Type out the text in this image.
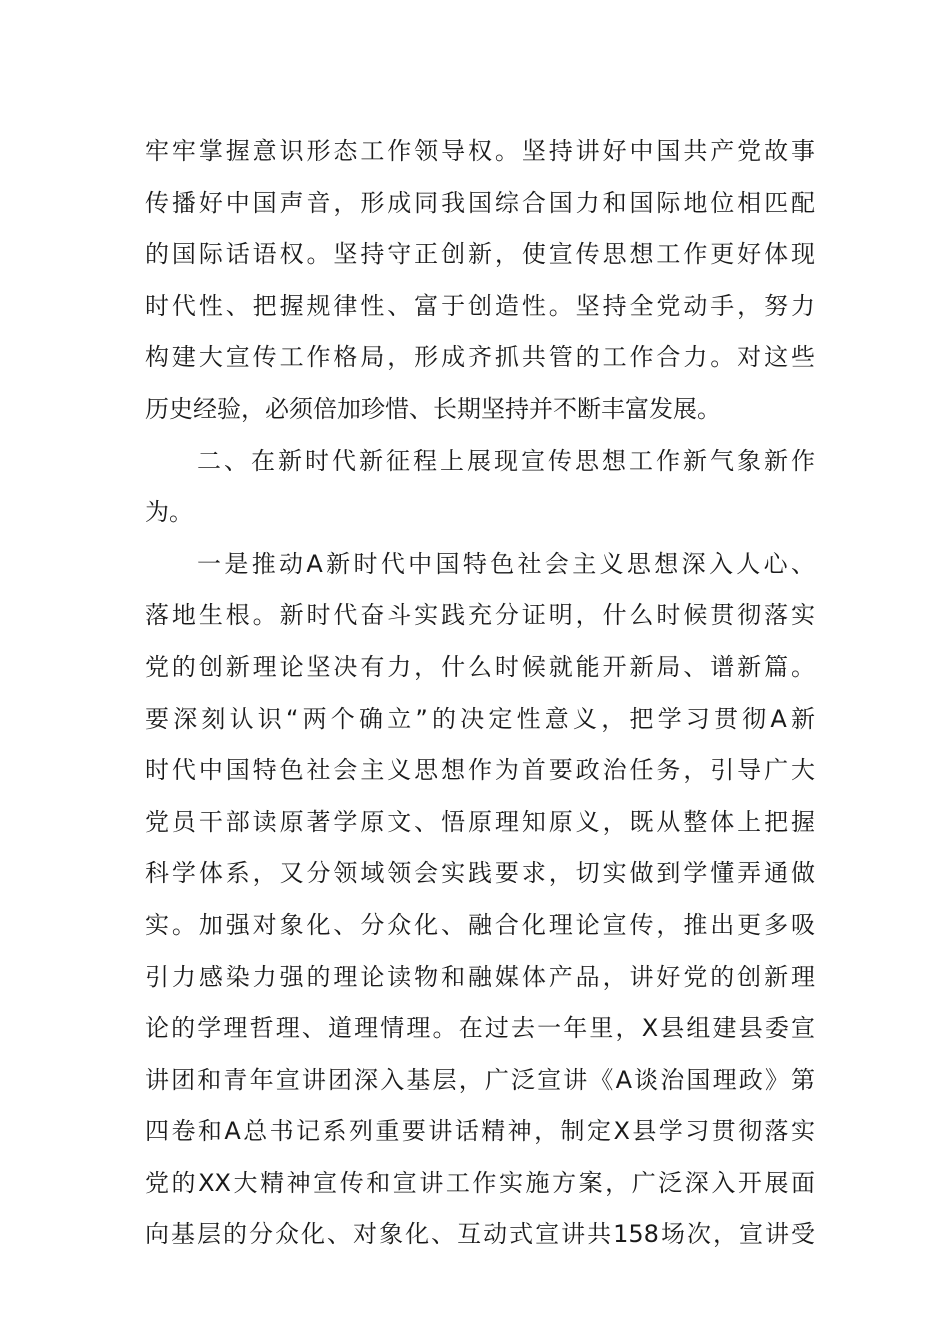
牢牢掌握意识形态工作领导权。坚持讲好中国共产党故事
传播好中国声音，形成同我国综合国力和国际地位相匹配
的国际话语权。坚持守正创新，使宣传思想工作更好体现
时代性、把握规律性、富于创造性。坚持全党动手，努力
构建大宣传工作格局，形成齐抓共管的工作合力。对这些
历史经验，必须倍加珍惜、长期坚持并不断丰富发展。
二、在新时代新征程上展现宣传思想工作新气象新作
为。
一是推动A新时代中国特色社会主义思想深入人心、
落地生根。新时代奋斗实践充分证明，什么时候贯彻落实
党的创新理论坚决有力，什么时候就能开新局、谱新篇。
要深刻认识“两个确立”的决定性意义，把学习贯彻A新
时代中国特色社会主义思想作为首要政治任务，引导广大
党员干部读原著学原文、悟原理知原义，既从整体上把握
科学体系，又分领域领会实践要求，切实做到学懂弄通做
实。加强对象化、分众化、融合化理论宣传，推出更多吸
引力感染力强的理论读物和融媒体产品，讲好党的创新理
论的学理哲理、道理情理。在过去一年里，X县组建县委宣
讲团和青年宣讲团深入基层，广泛宣讲《A谈治国理政》第
四卷和A总书记系列重要讲话精神，制定X县学习贯彻落实
党的XX大精神宣传和宣讲工作实施方案，广泛深入开展面
向基层的分众化、对象化、互动式宣讲共158场次，宣讲受
